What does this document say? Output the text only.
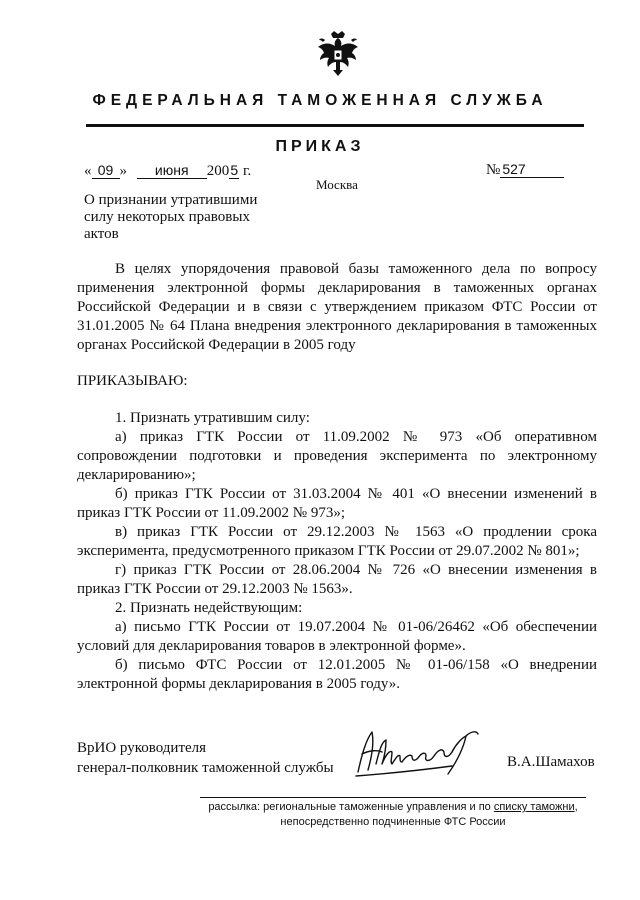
ФЕДЕРАЛЬНАЯ ТАМОЖЕННАЯ СЛУЖБА
ПРИКАЗ
« 09 » июня 2005 г.	№ 527
Москва
О признании утратившими
силу некоторых правовых
актов

В целях упорядочения правовой базы таможенного дела по вопросу применения электронной формы декларирования в таможенных органах Российской Федерации и в связи с утверждением приказом ФТС России от 31.01.2005 № 64 Плана внедрения электронного декларирования в таможенных органах Российской Федерации в 2005 году

ПРИКАЗЫВАЮ:

1. Признать утратившим силу:

а) приказ ГТК России от 11.09.2002 № 973 «Об оперативном сопровождении подготовки и проведения эксперимента по электронному декларированию»;

б) приказ ГТК России от 31.03.2004 № 401 «О внесении изменений в приказ ГТК России от 11.09.2002 № 973»;

в) приказ ГТК России от 29.12.2003 № 1563 «О продлении срока эксперимента, предусмотренного приказом ГТК России от 29.07.2002 № 801»;

г) приказ ГТК России от 28.06.2004 № 726 «О внесении изменения в приказ ГТК России от 29.12.2003 № 1563».

2. Признать недействующим:

а) письмо ГТК России от 19.07.2004 № 01-06/26462 «Об обеспечении условий для декларирования товаров в электронной форме».

б) письмо ФТС России от 12.01.2005 № 01-06/158 «О внедрении электронной формы декларирования в 2005 году».

ВрИО руководителя
генерал-полковник таможенной службы	В.А.Шамахов
рассылка: региональные таможенные управления и по списку таможни,
непосредственно подчиненные ФТС России
